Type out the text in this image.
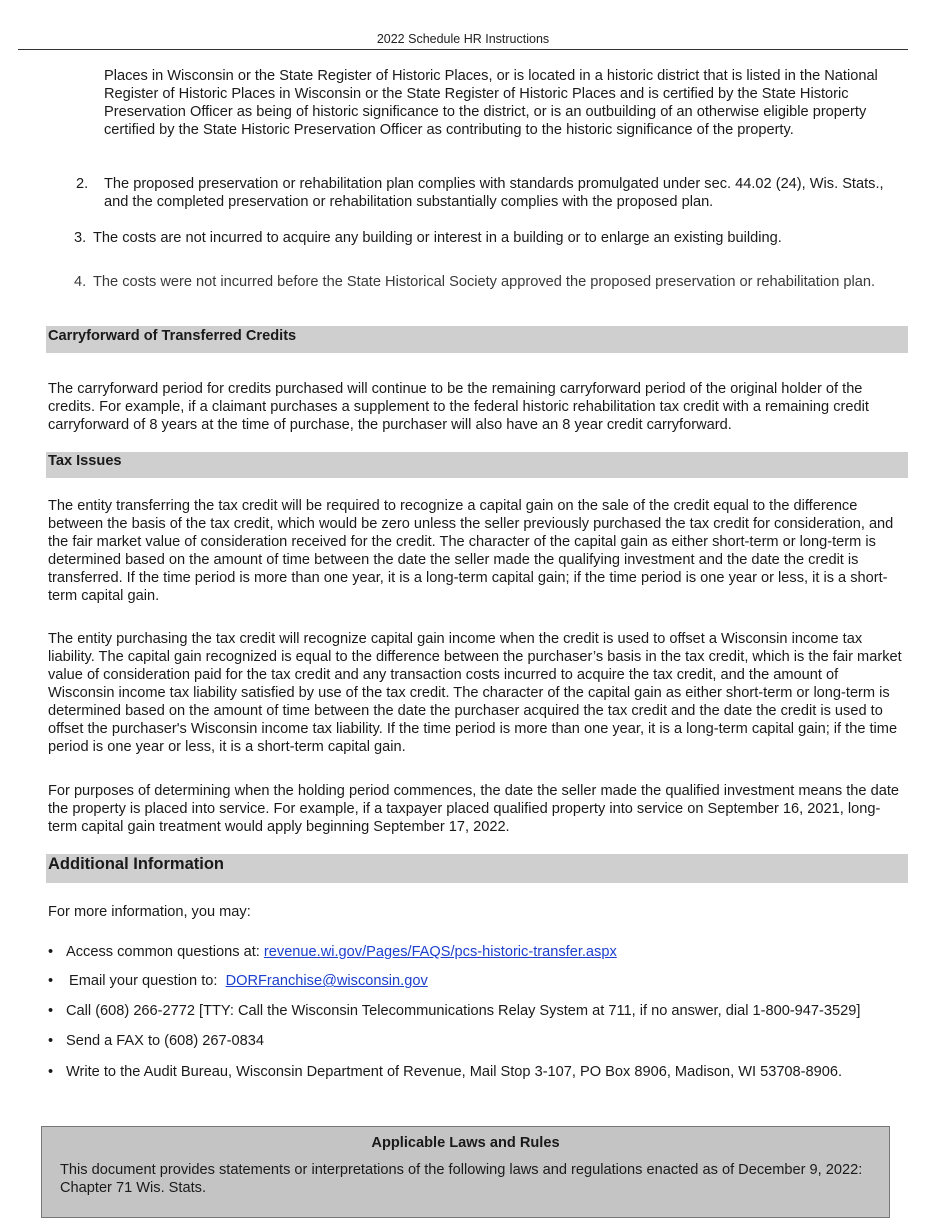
2022 Schedule HR Instructions

Places in Wisconsin or the State Register of Historic Places, or is located in a historic district that is listed in the National Register of Historic Places in Wisconsin or the State Register of Historic Places and is certified by the State Historic Preservation Officer as being of historic significance to the district, or is an outbuilding of an otherwise eligible property certified by the State Historic Preservation Officer as contributing to the historic significance of the property.

2.	The proposed preservation or rehabilitation plan complies with standards promulgated under sec. 44.02 (24), Wis. Stats., and the completed preservation or rehabilitation substantially complies with the proposed plan.
3. The costs are not incurred to acquire any building or interest in a building or to enlarge an existing building.
4. The costs were not incurred before the State Historical Society approved the proposed preservation or rehabilitation plan.
Carryforward of Transferred Credits

The carryforward period for credits purchased will continue to be the remaining carryforward period of the original holder of the credits. For example, if a claimant purchases a supplement to the federal historic rehabilitation tax credit with a remaining credit carryforward of 8 years at the time of purchase, the purchaser will also have an 8 year credit carryforward.

Tax Issues

The entity transferring the tax credit will be required to recognize a capital gain on the sale of the credit equal to the difference between the basis of the tax credit, which would be zero unless the seller previously purchased the tax credit for consideration, and the fair market value of consideration received for the credit. The character of the capital gain as either short-term or long-term is determined based on the amount of time between the date the seller made the qualifying investment and the date the credit is transferred. If the time period is more than one year, it is a long-term capital gain; if the time period is one year or less, it is a short-term capital gain.

The entity purchasing the tax credit will recognize capital gain income when the credit is used to offset a Wisconsin income tax liability. The capital gain recognized is equal to the difference between the purchaser’s basis in the tax credit, which is the fair market value of consideration paid for the tax credit and any transaction costs incurred to acquire the tax credit, and the amount of Wisconsin income tax liability satisfied by use of the tax credit. The character of the capital gain as either short-term or long-term is determined based on the amount of time between the date the purchaser acquired the tax credit and the date the credit is used to offset the purchaser's Wisconsin income tax liability. If the time period is more than one year, it is a long-term capital gain; if the time period is one year or less, it is a short-term capital gain.

For purposes of determining when the holding period commences, the date the seller made the qualified investment means the date the property is placed into service. For example, if a taxpayer placed qualified property into service on September 16, 2021, long-term capital gain treatment would apply beginning September 17, 2022.

Additional Information

For more information, you may:

• Access common questions at: revenue.wi.gov/Pages/FAQS/pcs-historic-transfer.aspx
• Email your question to:  DORFranchise@wisconsin.gov
• Call (608) 266-2772 [TTY: Call the Wisconsin Telecommunications Relay System at 711, if no answer, dial 1-800-947-3529]
• Send a FAX to (608) 267-0834
• Write to the Audit Bureau, Wisconsin Department of Revenue, Mail Stop 3-107, PO Box 8906, Madison, WI 53708-8906.
Applicable Laws and Rules

This document provides statements or interpretations of the following laws and regulations enacted as of December 9, 2022: Chapter 71 Wis. Stats.
